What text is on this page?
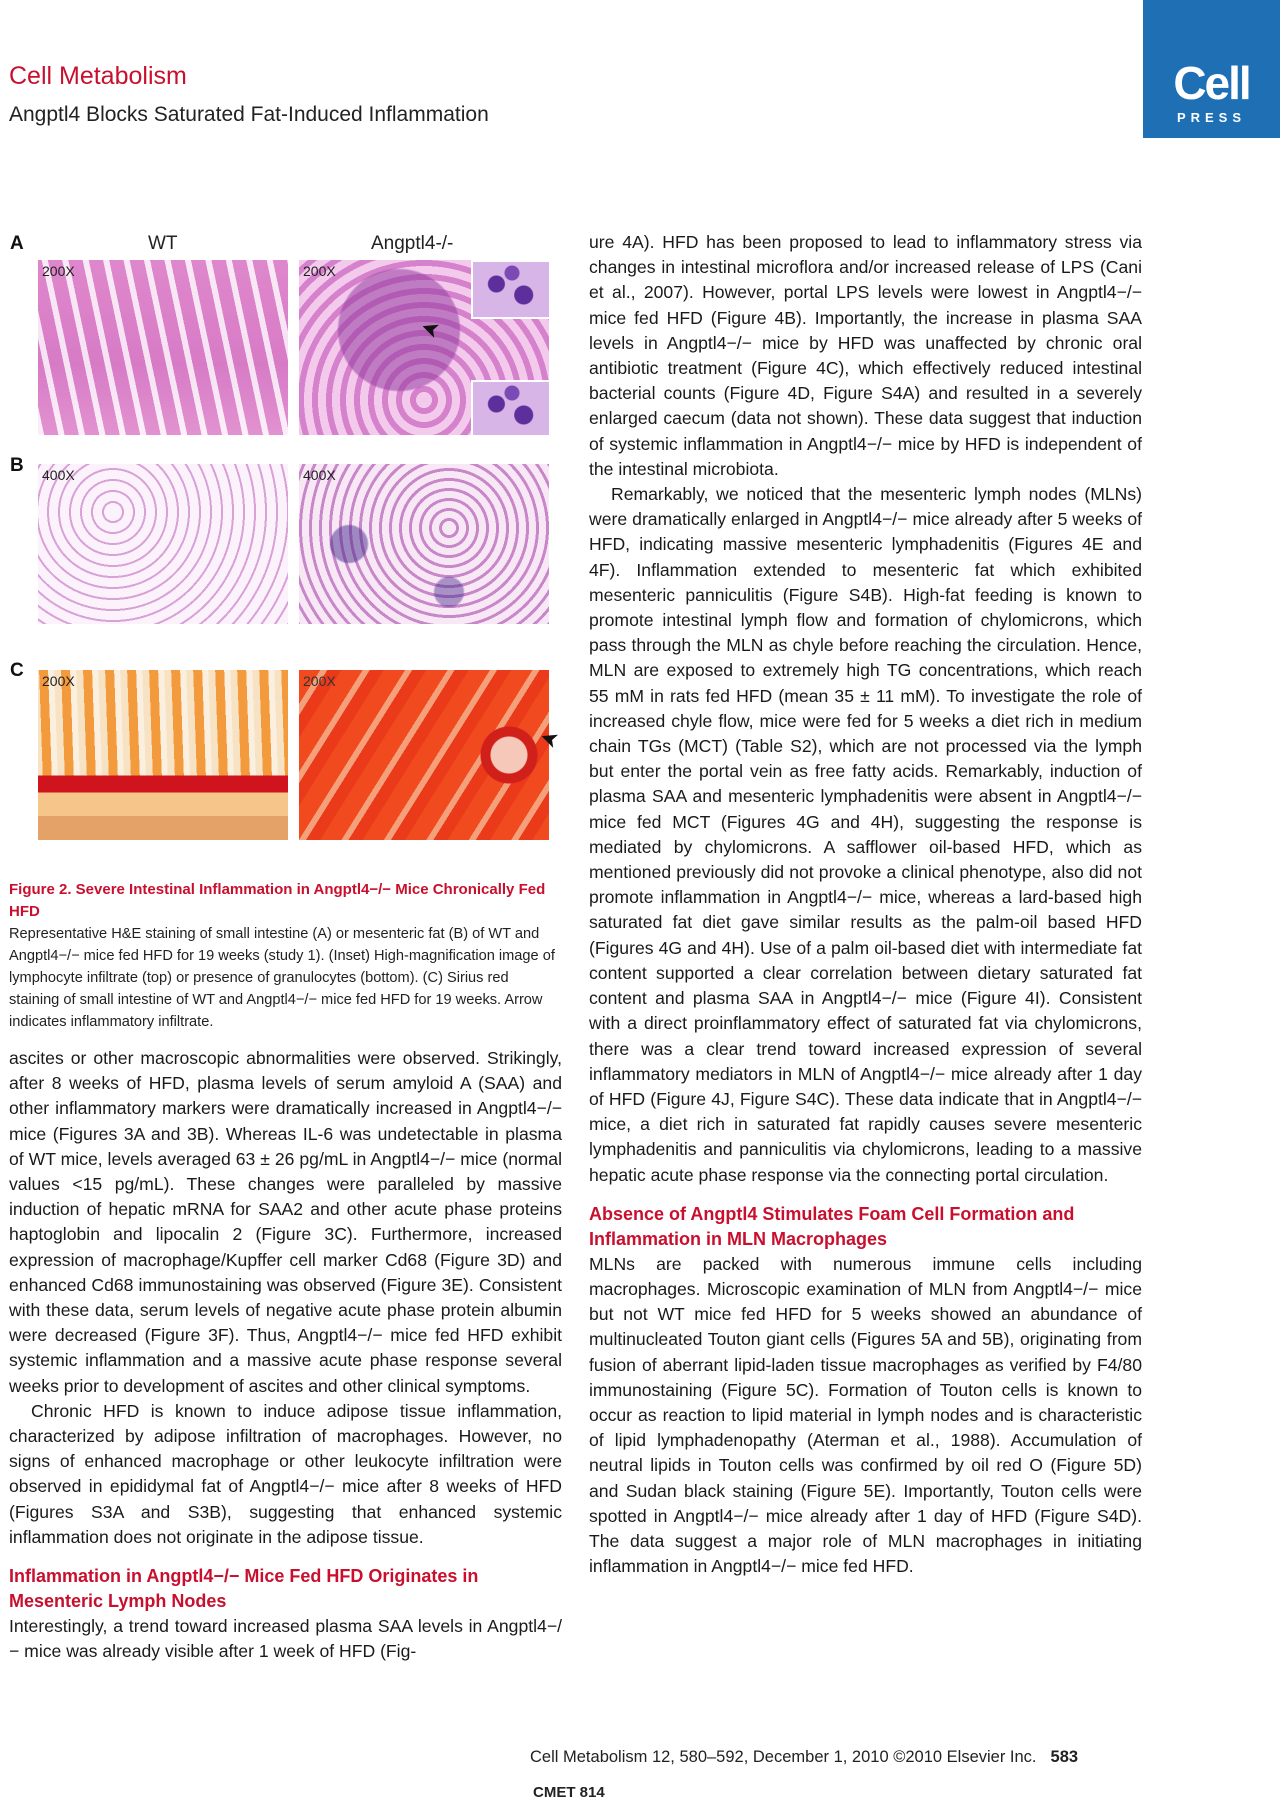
Cell Metabolism
Angptl4 Blocks Saturated Fat-Induced Inflammation
Cell
PRESS
A
B
C
WT	Angptl4-/-
200X	200X
➤
400X	400X
200X	200X
➤
Figure 2. Severe Intestinal Inflammation in Angptl4−/− Mice Chronically Fed HFD
Representative H&E staining of small intestine (A) or mesenteric fat (B) of WT and Angptl4−/− mice fed HFD for 19 weeks (study 1). (Inset) High-magnification image of lymphocyte infiltrate (top) or presence of granulocytes (bottom). (C) Sirius red staining of small intestine of WT and Angptl4−/− mice fed HFD for 19 weeks. Arrow indicates inflammatory infiltrate.

ascites or other macroscopic abnormalities were observed. Strikingly, after 8 weeks of HFD, plasma levels of serum amyloid A (SAA) and other inflammatory markers were dramatically increased in Angptl4−/− mice (Figures 3A and 3B). Whereas IL-6 was undetectable in plasma of WT mice, levels averaged 63 ± 26 pg/mL in Angptl4−/− mice (normal values <15 pg/mL). These changes were paralleled by massive induction of hepatic mRNA for SAA2 and other acute phase proteins haptoglobin and lipocalin 2 (Figure 3C). Furthermore, increased expression of macrophage/Kupffer cell marker Cd68 (Figure 3D) and enhanced Cd68 immunostaining was observed (Figure 3E). Consistent with these data, serum levels of negative acute phase protein albumin were decreased (Figure 3F). Thus, Angptl4−/− mice fed HFD exhibit systemic inflammation and a massive acute phase response several weeks prior to development of ascites and other clinical symptoms.

Chronic HFD is known to induce adipose tissue inflammation, characterized by adipose infiltration of macrophages. However, no signs of enhanced macrophage or other leukocyte infiltration were observed in epididymal fat of Angptl4−/− mice after 8 weeks of HFD (Figures S3A and S3B), suggesting that enhanced systemic inflammation does not originate in the adipose tissue.

Inflammation in Angptl4−/− Mice Fed HFD Originates in Mesenteric Lymph Nodes

Interestingly, a trend toward increased plasma SAA levels in Angptl4−/− mice was already visible after 1 week of HFD (Fig-

ure 4A). HFD has been proposed to lead to inflammatory stress via changes in intestinal microflora and/or increased release of LPS (Cani et al., 2007). However, portal LPS levels were lowest in Angptl4−/− mice fed HFD (Figure 4B). Importantly, the increase in plasma SAA levels in Angptl4−/− mice by HFD was unaffected by chronic oral antibiotic treatment (Figure 4C), which effectively reduced intestinal bacterial counts (Figure 4D, Figure S4A) and resulted in a severely enlarged caecum (data not shown). These data suggest that induction of systemic inflammation in Angptl4−/− mice by HFD is independent of the intestinal microbiota.

Remarkably, we noticed that the mesenteric lymph nodes (MLNs) were dramatically enlarged in Angptl4−/− mice already after 5 weeks of HFD, indicating massive mesenteric lymphadenitis (Figures 4E and 4F). Inflammation extended to mesenteric fat which exhibited mesenteric panniculitis (Figure S4B). High-fat feeding is known to promote intestinal lymph flow and formation of chylomicrons, which pass through the MLN as chyle before reaching the circulation. Hence, MLN are exposed to extremely high TG concentrations, which reach 55 mM in rats fed HFD (mean 35 ± 11 mM). To investigate the role of increased chyle flow, mice were fed for 5 weeks a diet rich in medium chain TGs (MCT) (Table S2), which are not processed via the lymph but enter the portal vein as free fatty acids. Remarkably, induction of plasma SAA and mesenteric lymphadenitis were absent in Angptl4−/− mice fed MCT (Figures 4G and 4H), suggesting the response is mediated by chylomicrons. A safflower oil-based HFD, which as mentioned previously did not provoke a clinical phenotype, also did not promote inflammation in Angptl4−/− mice, whereas a lard-based high saturated fat diet gave similar results as the palm-oil based HFD (Figures 4G and 4H). Use of a palm oil-based diet with intermediate fat content supported a clear correlation between dietary saturated fat content and plasma SAA in Angptl4−/− mice (Figure 4I). Consistent with a direct proinflammatory effect of saturated fat via chylomicrons, there was a clear trend toward increased expression of several inflammatory mediators in MLN of Angptl4−/− mice already after 1 day of HFD (Figure 4J, Figure S4C). These data indicate that in Angptl4−/− mice, a diet rich in saturated fat rapidly causes severe mesenteric lymphadenitis and panniculitis via chylomicrons, leading to a massive hepatic acute phase response via the connecting portal circulation.

Absence of Angptl4 Stimulates Foam Cell Formation and Inflammation in MLN Macrophages

MLNs are packed with numerous immune cells including macrophages. Microscopic examination of MLN from Angptl4−/− mice but not WT mice fed HFD for 5 weeks showed an abundance of multinucleated Touton giant cells (Figures 5A and 5B), originating from fusion of aberrant lipid-laden tissue macrophages as verified by F4/80 immunostaining (Figure 5C). Formation of Touton cells is known to occur as reaction to lipid material in lymph nodes and is characteristic of lipid lymphadenopathy (Aterman et al., 1988). Accumulation of neutral lipids in Touton cells was confirmed by oil red O (Figure 5D) and Sudan black staining (Figure 5E). Importantly, Touton cells were spotted in Angptl4−/− mice already after 1 day of HFD (Figure S4D). The data suggest a major role of MLN macrophages in initiating inflammation in Angptl4−/− mice fed HFD.

Cell Metabolism 12, 580–592, December 1, 2010 ©2010 Elsevier Inc. 583
CMET 814
